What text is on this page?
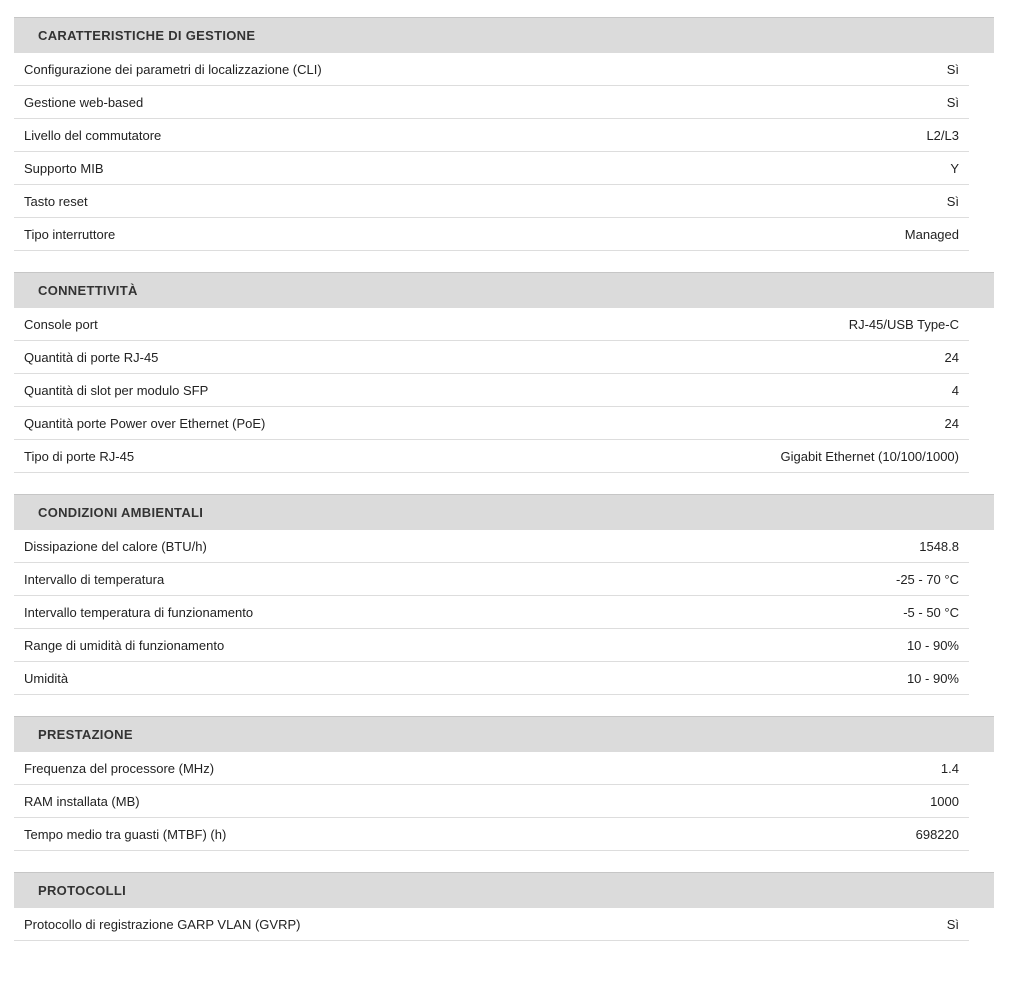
CARATTERISTICHE DI GESTIONE
Configurazione dei parametri di localizzazione (CLI)	Sì
Gestione web-based	Sì
Livello del commutatore	L2/L3
Supporto MIB	Y
Tasto reset	Sì
Tipo interruttore	Managed
CONNETTIVITÀ
Console port	RJ-45/USB Type-C
Quantità di porte RJ-45	24
Quantità di slot per modulo SFP	4
Quantità porte Power over Ethernet (PoE)	24
Tipo di porte RJ-45	Gigabit Ethernet (10/100/1000)
CONDIZIONI AMBIENTALI
Dissipazione del calore (BTU/h)	1548.8
Intervallo di temperatura	-25 - 70 °C
Intervallo temperatura di funzionamento	-5 - 50 °C
Range di umidità di funzionamento	10 - 90%
Umidità	10 - 90%
PRESTAZIONE
Frequenza del processore (MHz)	1.4
RAM installata (MB)	1000
Tempo medio tra guasti (MTBF) (h)	698220
PROTOCOLLI
Protocollo di registrazione GARP VLAN (GVRP)	Sì
